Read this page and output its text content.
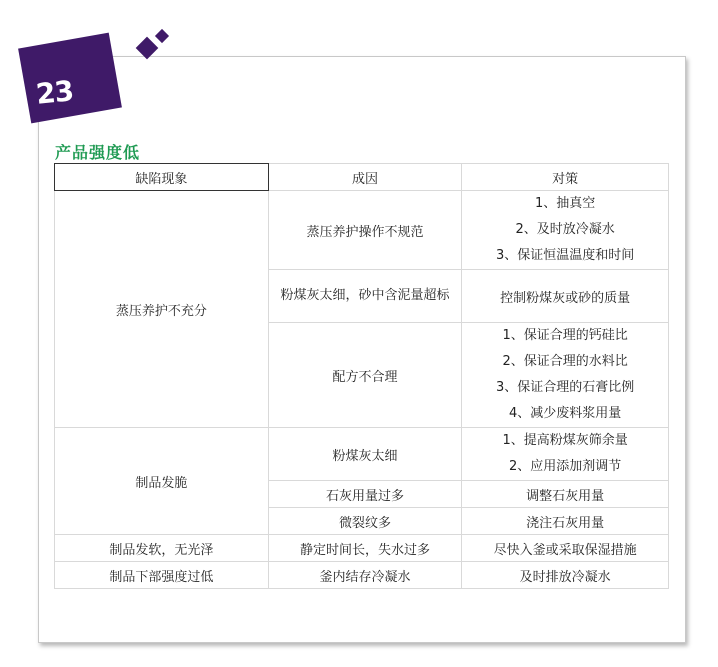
23
产品强度低
缺陷现象	成因	对策
蒸压养护不充分	蒸压养护操作不规范	1、抽真空
2、及时放冷凝水
3、保证恒温温度和时间

	粉煤灰太细，砂中含泥量超标	控制粉煤灰或砂的质量
	配方不合理	1、保证合理的钙硅比
2、保证合理的水料比
3、保证合理的石膏比例
4、减少废料浆用量

制品发脆	粉煤灰太细	1、提高粉煤灰筛余量
2、应用添加剂调节

	石灰用量过多	调整石灰用量
	微裂纹多	浇注石灰用量
制品发软，无光泽	静定时间长，失水过多	尽快入釜或采取保湿措施
制品下部强度过低	釜内结存冷凝水	及时排放冷凝水
